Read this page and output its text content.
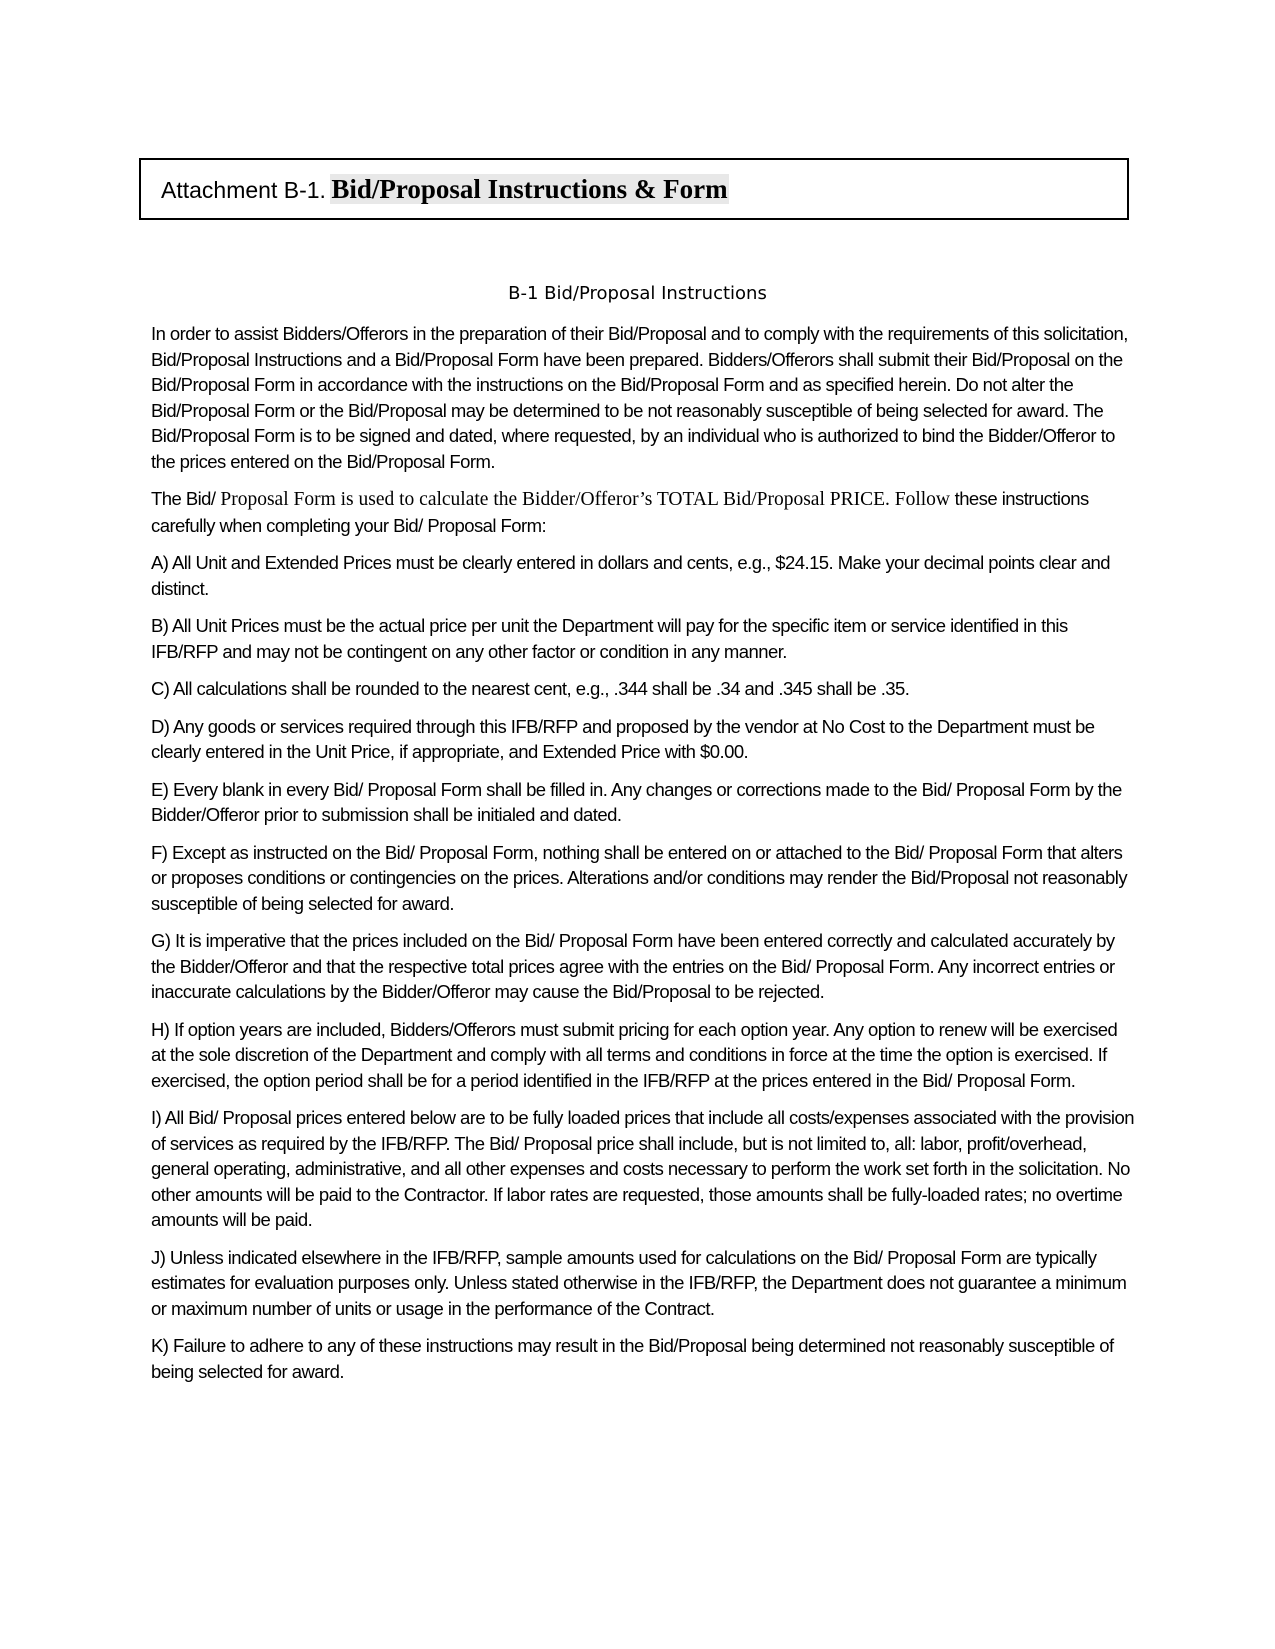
Attachment B-1. Bid/Proposal Instructions & Form
B-1 Bid/Proposal Instructions

In order to assist Bidders/Offerors in the preparation of their Bid/Proposal and to comply with the requirements of this solicitation, Bid/Proposal Instructions and a Bid/Proposal Form have been prepared. Bidders/Offerors shall submit their Bid/Proposal on the Bid/Proposal Form in accordance with the instructions on the Bid/Proposal Form and as specified herein. Do not alter the Bid/Proposal Form or the Bid/Proposal may be determined to be not reasonably susceptible of being selected for award. The Bid/Proposal Form is to be signed and dated, where requested, by an individual who is authorized to bind the Bidder/Offeror to the prices entered on the Bid/Proposal Form.

The Bid/ Proposal Form is used to calculate the Bidder/Offeror’s TOTAL Bid/Proposal PRICE. Follow these instructions carefully when completing your Bid/ Proposal Form:

A) All Unit and Extended Prices must be clearly entered in dollars and cents, e.g., $24.15. Make your decimal points clear and distinct.

B) All Unit Prices must be the actual price per unit the Department will pay for the specific item or service identified in this IFB/RFP and may not be contingent on any other factor or condition in any manner.

C) All calculations shall be rounded to the nearest cent, e.g., .344 shall be .34 and .345 shall be .35.

D) Any goods or services required through this IFB/RFP and proposed by the vendor at No Cost to the Department must be clearly entered in the Unit Price, if appropriate, and Extended Price with $0.00.

E) Every blank in every Bid/ Proposal Form shall be filled in. Any changes or corrections made to the Bid/ Proposal Form by the Bidder/Offeror prior to submission shall be initialed and dated.

F) Except as instructed on the Bid/ Proposal Form, nothing shall be entered on or attached to the Bid/ Proposal Form that alters or proposes conditions or contingencies on the prices. Alterations and/or conditions may render the Bid/Proposal not reasonably susceptible of being selected for award.

G) It is imperative that the prices included on the Bid/ Proposal Form have been entered correctly and calculated accurately by the Bidder/Offeror and that the respective total prices agree with the entries on the Bid/ Proposal Form. Any incorrect entries or inaccurate calculations by the Bidder/Offeror may cause the Bid/Proposal to be rejected.

H) If option years are included, Bidders/Offerors must submit pricing for each option year. Any option to renew will be exercised at the sole discretion of the Department and comply with all terms and conditions in force at the time the option is exercised. If exercised, the option period shall be for a period identified in the IFB/RFP at the prices entered in the Bid/ Proposal Form.

I) All Bid/ Proposal prices entered below are to be fully loaded prices that include all costs/expenses associated with the provision of services as required by the IFB/RFP. The Bid/ Proposal price shall include, but is not limited to, all: labor, profit/overhead, general operating, administrative, and all other expenses and costs necessary to perform the work set forth in the solicitation. No other amounts will be paid to the Contractor. If labor rates are requested, those amounts shall be fully-loaded rates; no overtime amounts will be paid.

J) Unless indicated elsewhere in the IFB/RFP, sample amounts used for calculations on the Bid/ Proposal Form are typically estimates for evaluation purposes only. Unless stated otherwise in the IFB/RFP, the Department does not guarantee a minimum or maximum number of units or usage in the performance of the Contract.

K) Failure to adhere to any of these instructions may result in the Bid/Proposal being determined not reasonably susceptible of being selected for award.
